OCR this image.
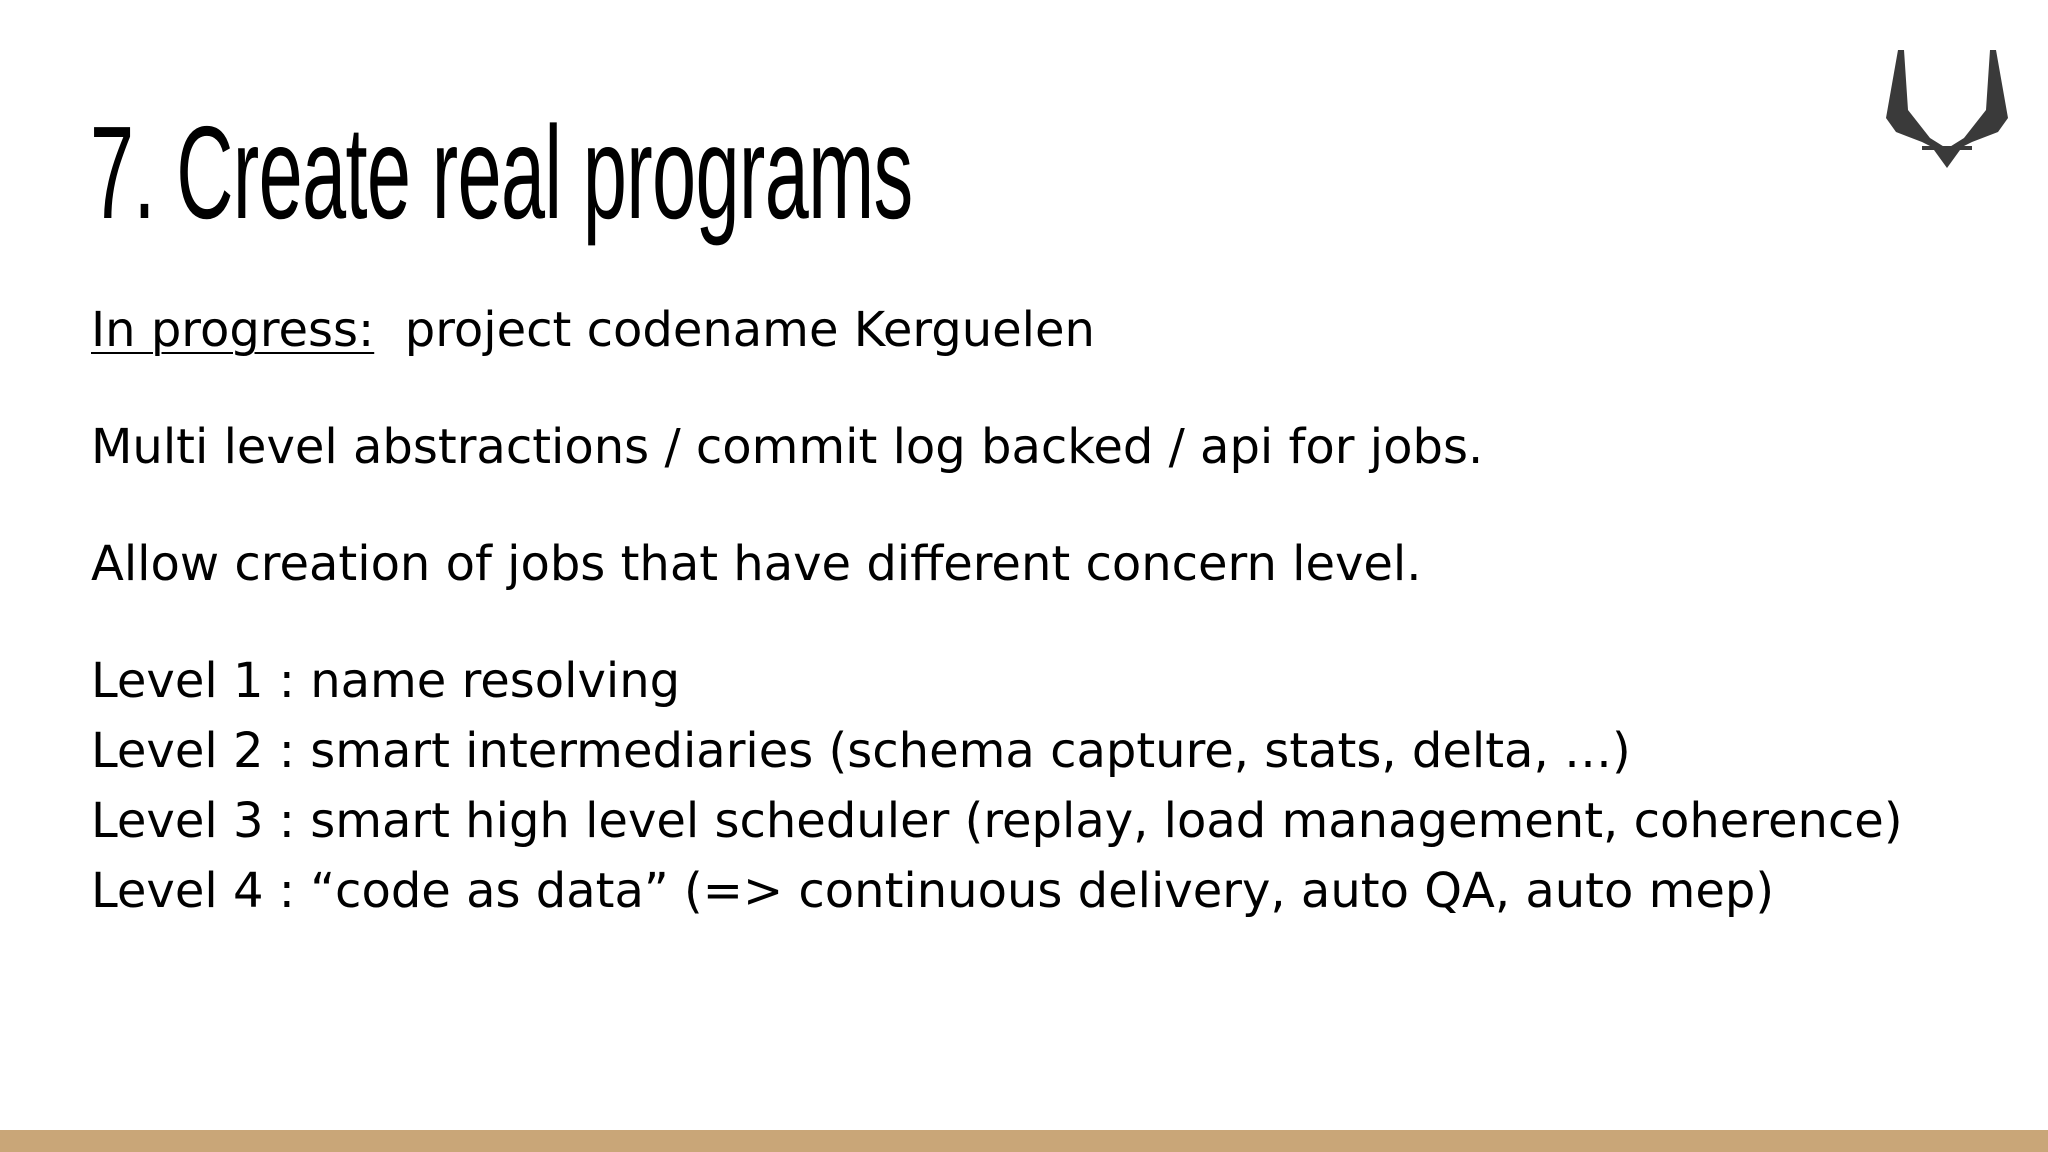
7. Create real programs

In progress: project codename Kerguelen

Multi level abstractions / commit log backed / api for jobs.

Allow creation of jobs that have different concern level.

Level 1 : name resolving
Level 2 : smart intermediaries (schema capture, stats, delta, …)
Level 3 : smart high level scheduler (replay, load management, coherence)
Level 4 : “code as data” (=> continuous delivery, auto QA, auto mep)
